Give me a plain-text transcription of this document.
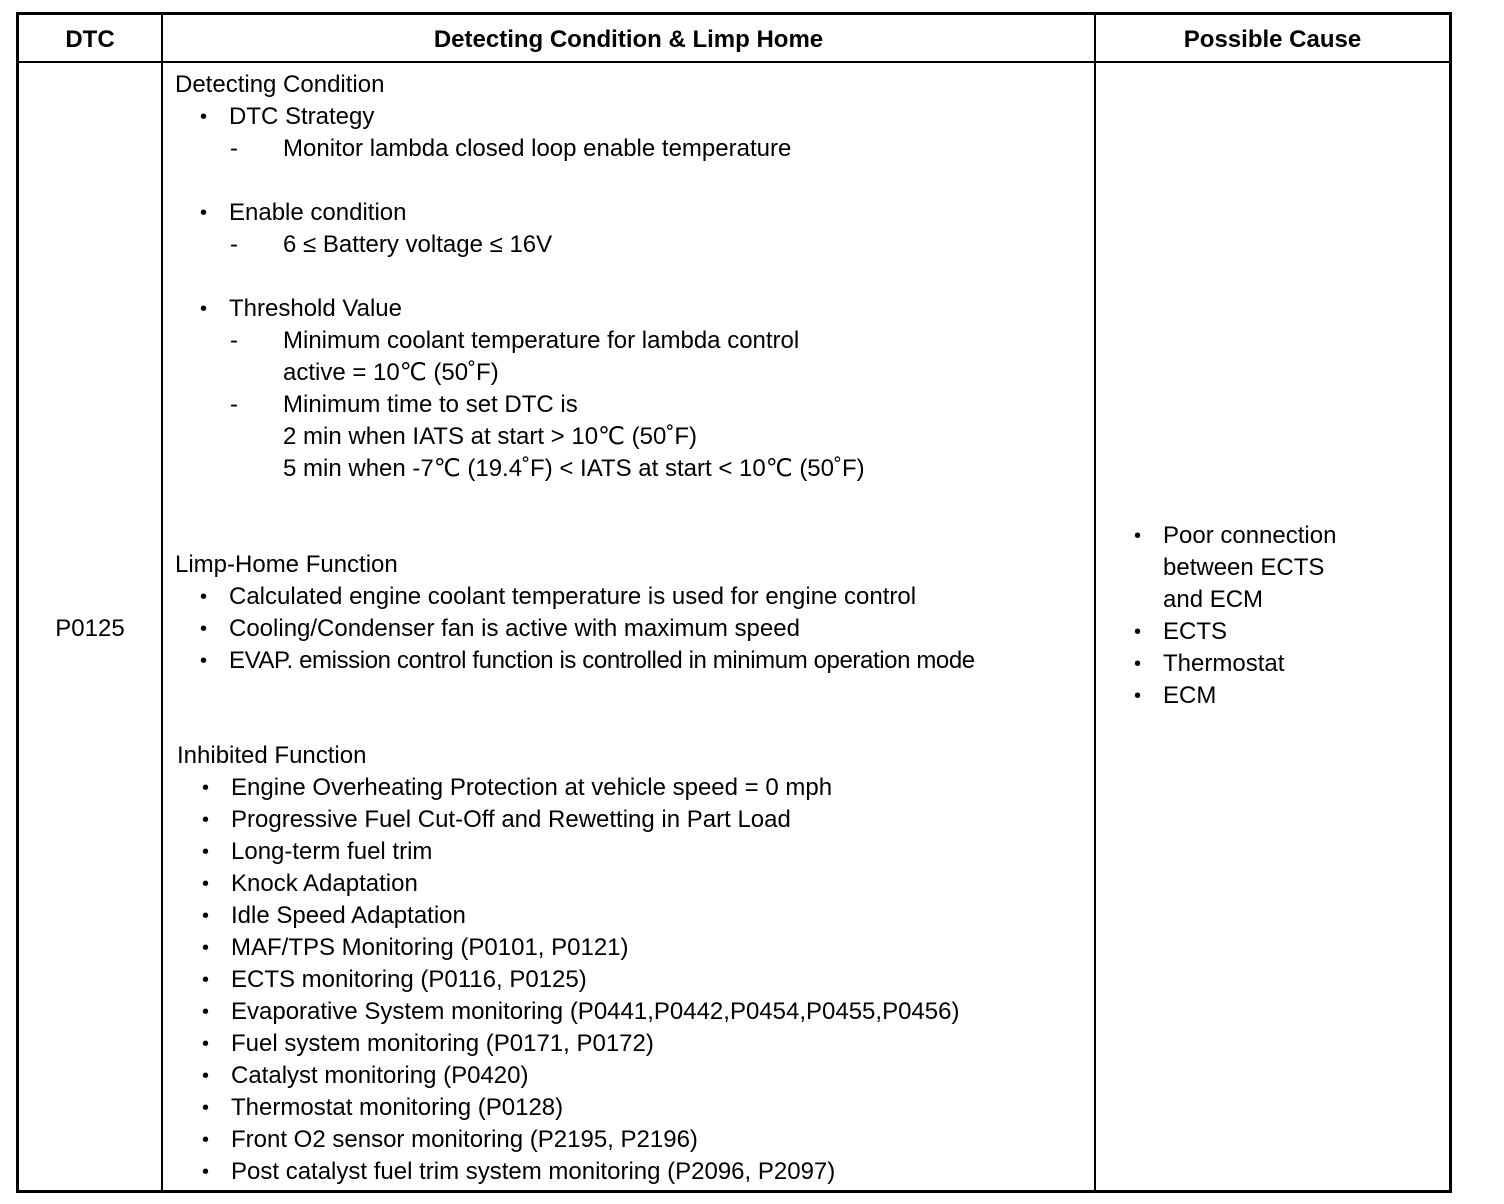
DTC	Detecting Condition & Limp Home	Possible Cause
P0125
Detecting Condition
• DTC Strategy
- Monitor lambda closed loop enable temperature
• Enable condition
- 6 ≤ Battery voltage ≤ 16V
• Threshold Value
- Minimum coolant temperature for lambda control
active = 10℃ (50˚F)
- Minimum time to set DTC is
2 min when IATS at start > 10℃ (50˚F)
5 min when -7℃ (19.4˚F) < IATS at start < 10℃ (50˚F)
Limp-Home Function
• Calculated engine coolant temperature is used for engine control
• Cooling/Condenser fan is active with maximum speed
• EVAP. emission control function is controlled in minimum operation mode
Inhibited Function
• Engine Overheating Protection at vehicle speed = 0 mph
• Progressive Fuel Cut-Off and Rewetting in Part Load
• Long-term fuel trim
• Knock Adaptation
• Idle Speed Adaptation
• MAF/TPS Monitoring (P0101, P0121)
• ECTS monitoring (P0116, P0125)
• Evaporative System monitoring (P0441,P0442,P0454,P0455,P0456)
• Fuel system monitoring (P0171, P0172)
• Catalyst monitoring (P0420)
• Thermostat monitoring (P0128)
• Front O2 sensor monitoring (P2195, P2196)
• Post catalyst fuel trim system monitoring (P2096, P2097)
• Poor connection
between ECTS
and ECM
• ECTS
• Thermostat
• ECM
